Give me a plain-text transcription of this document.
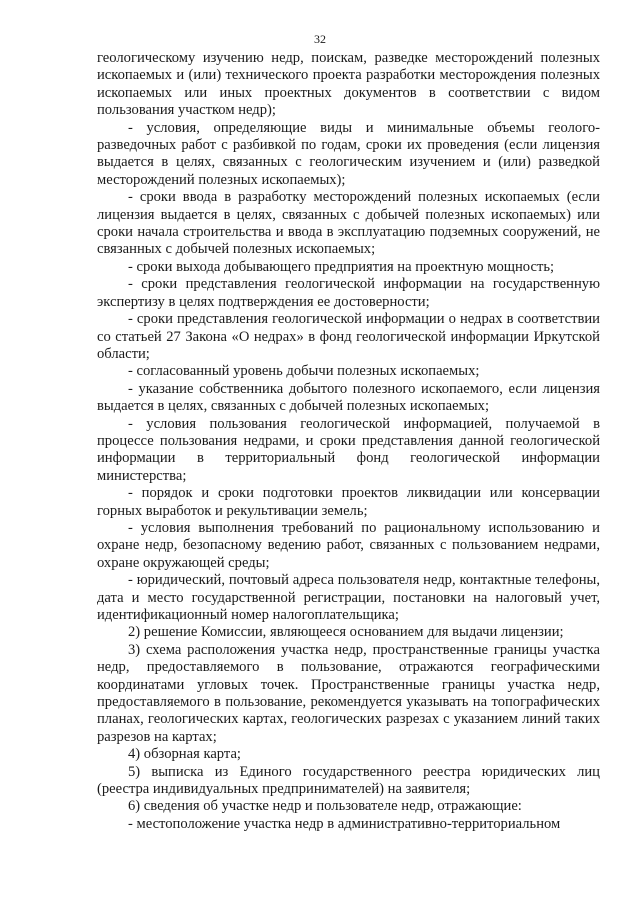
32

геологическому изучению недр, поискам, разведке месторождений полезных ископаемых и (или) технического проекта разработки месторождения полезных ископаемых или иных проектных документов в соответствии с видом пользования участком недр);

- условия, определяющие виды и минимальные объемы геолого-разведочных работ с разбивкой по годам, сроки их проведения (если лицензия выдается в целях, связанных с геологическим изучением и (или) разведкой месторождений полезных ископаемых);

- сроки ввода в разработку месторождений полезных ископаемых (если лицензия выдается в целях, связанных с добычей полезных ископаемых) или сроки начала строительства и ввода в эксплуатацию подземных сооружений, не связанных с добычей полезных ископаемых;

- сроки выхода добывающего предприятия на проектную мощность;

- сроки представления геологической информации на государственную экспертизу в целях подтверждения ее достоверности;

- сроки представления геологической информации о недрах в соответствии со статьей 27 Закона «О недрах» в фонд геологической информации Иркутской области;

- согласованный уровень добычи полезных ископаемых;

- указание собственника добытого полезного ископаемого, если лицензия выдается в целях, связанных с добычей полезных ископаемых;

- условия пользования геологической информацией, получаемой в процессе пользования недрами, и сроки представления данной геологической информации в территориальный фонд геологической информации министерства;

- порядок и сроки подготовки проектов ликвидации или консервации горных выработок и рекультивации земель;

- условия выполнения требований по рациональному использованию и охране недр, безопасному ведению работ, связанных с пользованием недрами, охране окружающей среды;

- юридический, почтовый адреса пользователя недр, контактные телефоны, дата и место государственной регистрации, постановки на налоговый учет, идентификационный номер налогоплательщика;

2) решение Комиссии, являющееся основанием для выдачи лицензии;

3) схема расположения участка недр, пространственные границы участка недр, предоставляемого в пользование, отражаются географическими координатами угловых точек. Пространственные границы участка недр, предоставляемого в пользование, рекомендуется указывать на топографических планах, геологических картах, геологических разрезах с указанием линий таких разрезов на картах;

4) обзорная карта;

5) выписка из Единого государственного реестра юридических лиц (реестра индивидуальных предпринимателей) на заявителя;

6) сведения об участке недр и пользователе недр, отражающие:

- местоположение участка недр в административно-территориальном
